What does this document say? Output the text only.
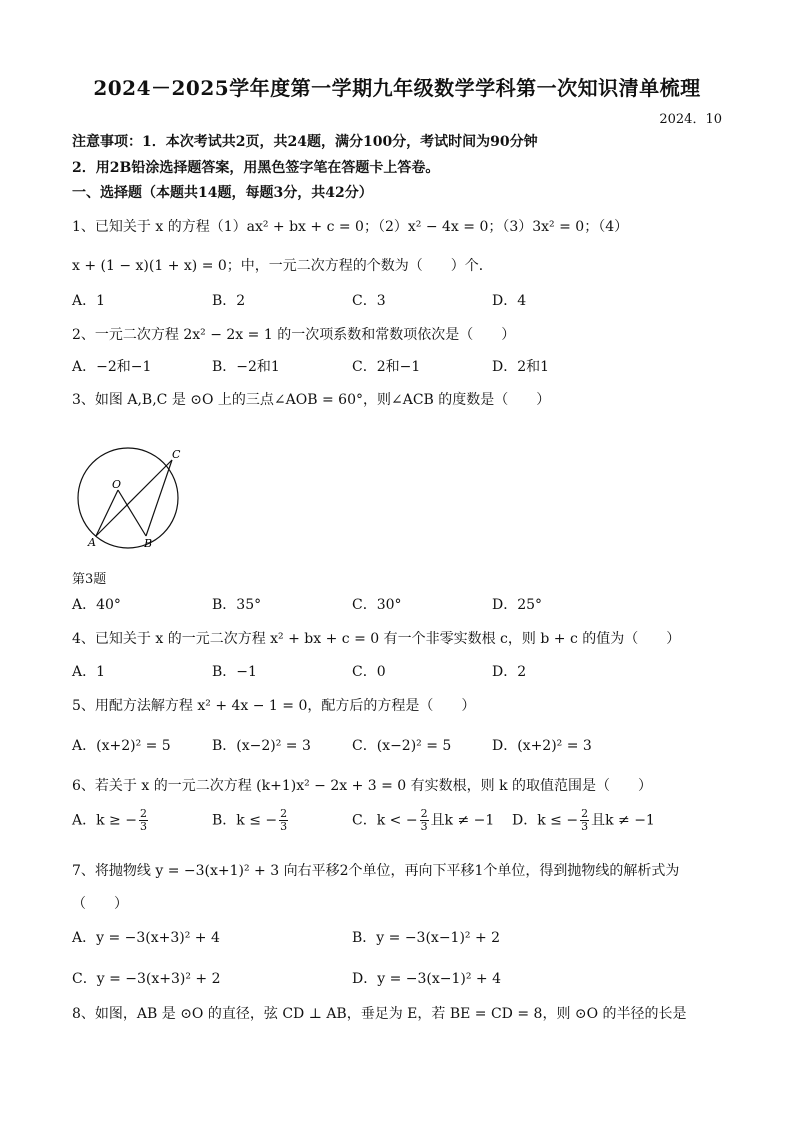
2024－2025学年度第一学期九年级数学学科第一次知识清单梳理
2024．10
注意事项：1．本次考试共2页，共24题，满分100分，考试时间为90分钟
2．用2B铅涂选择题答案，用黑色签字笔在答题卡上答卷。
一、选择题（本题共14题，每题3分，共42分）
1、已知关于 x 的方程（1）ax² + bx + c = 0；（2）x² − 4x = 0；（3）3x² = 0；（4）
x + (1 − x)(1 + x) = 0；中，一元二次方程的个数为（　　）个．
A．1	B．2	C．3	D．4
2、一元二次方程 2x² − 2x = 1 的一次项系数和常数项依次是（　　）
A．−2和−1	B．−2和1	C．2和−1	D．2和1
3、如图 A,B,C 是 ⊙O 上的三点∠AOB = 60°，则∠ACB 的度数是（　　）
O
A	B
C
第3题
A．40°	B．35°	C．30°	D．25°
4、已知关于 x 的一元二次方程 x² + bx + c = 0 有一个非零实数根 c，则 b + c 的值为（　　）
A．1	B．−1	C．0	D．2
5、用配方法解方程 x² + 4x − 1 = 0，配方后的方程是（　　）
A．(x+2)² = 5	B．(x−2)² = 3	C．(x−2)² = 5	D．(x+2)² = 3
6、若关于 x 的一元二次方程 (k+1)x² − 2x + 3 = 0 有实数根，则 k 的取值范围是（　　）
A．k ≥ − $\frac{2}{3}$	B．k ≤ − $\frac{2}{3}$	C．k < − $\frac{2}{3}$ 且k ≠ −1 D．k ≤ − $\frac{2}{3}$ 且k ≠ −1
7、将抛物线 y = −3(x+1)² + 3 向右平移2个单位，再向下平移1个单位，得到抛物线的解析式为
（　　）
A．y = −3(x+3)² + 4	B．y = −3(x−1)² + 2
C．y = −3(x+3)² + 2	D．y = −3(x−1)² + 4
8、如图，AB 是 ⊙O 的直径，弦 CD ⊥ AB，垂足为 E，若 BE = CD = 8，则 ⊙O 的半径的长是
